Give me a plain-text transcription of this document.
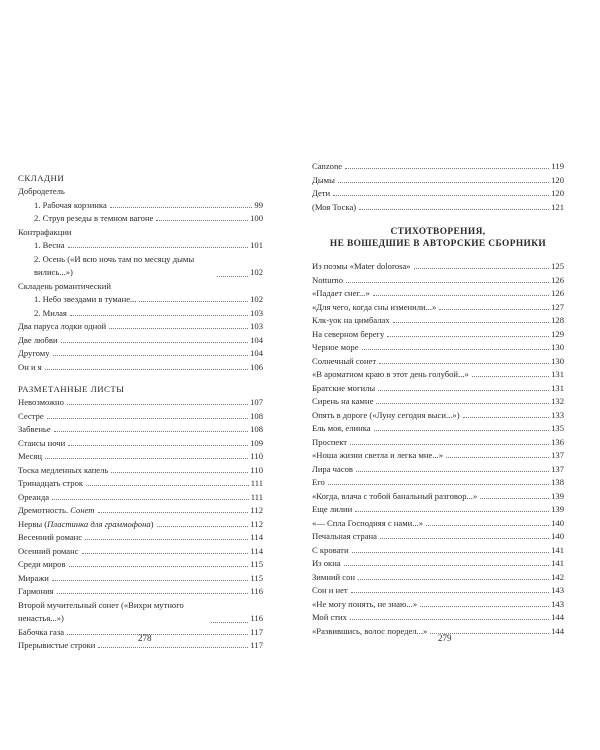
СКЛАДНИ
Добродетель
1. Рабочая корзинка	99
2. Струя резеды в темном вагоне	100
Контрафакции
1. Весна	101
2. Осень («И всю ночь там по месяцу дымы вились...»)	102
Складень романтический
1. Небо звездами в тумане...	102
2. Милая	103
Два паруса лодки одной	103
Две любви	104
Другому	104
Он и я	106
РАЗМЕТАННЫЕ ЛИСТЫ
Невозможно	107
Сестре	108
Забвенье	108
Стансы ночи	109
Месяц	110
Тоска медленных капель	110
Тринадцать строк	111
Ореанда	111
Дремотность. Сонет	112
Нервы (Пластинка для граммофона)	112
Весенний романс	114
Осенний романс	114
Среди миров	115
Миражи	115
Гармония	116
Второй мучительный сонет («Вихри мутного ненастья...»)	116
Бабочка газа	117
Прерывистые строки	117
278
Canzone	119
Дымы	120
Дети	120
(Моя Тоска)	121
СТИХОТВОРЕНИЯ,
НЕ ВОШЕДШИЕ В АВТОРСКИЕ СБОРНИКИ
Из поэмы «Mater dolorosa»	125
Notturno	126
«Падает снег...»	126
«Для чего, когда сны изменили...»	127
Клк-уок на цимбалах	128
На северном берегу	129
Черное море	130
Солнечный сонет	130
«В ароматном краю в этот день голубой...»	131
Братские могилы	131
Сирень на камне	132
Опять в дороге («Луну сегодня выси...»)	133
Ель моя, елинка	135
Проспект	136
«Ноша жизни светла и легка мне...»	137
Лира часов	137
Его	138
«Когда, влача с тобой банальный разговор...»	139
Еще лилии	139
«— Спла Господняя с нами...»	140
Печальная страна	140
С кровати	141
Из окна	141
Зимний сон	142
Сон и нет	143
«Не могу понять, не знаю...»	143
Мой стих	144
«Развившись, волос поредел...»	144
279
